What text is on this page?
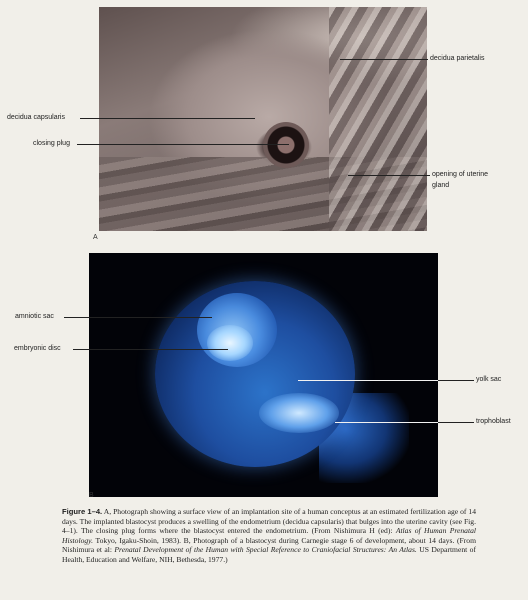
A
decidua parietalis
decidua capsularis
closing plug
opening of uterine
gland
B
amniotic sac
embryonic disc
yolk sac
trophoblast
Figure 1–4. A, Photograph showing a surface view of an implantation site of a human conceptus at an estimated fertilization age of 14 days. The implanted blastocyst produces a swelling of the endometrium (decidua capsularis) that bulges into the uterine cavity (see Fig. 4–1). The closing plug forms where the blastocyst entered the endometrium. (From Nishimura H (ed): Atlas of Human Prenatal Histology. Tokyo, Igaku-Shoin, 1983). B, Photograph of a blastocyst during Carnegie stage 6 of development, about 14 days. (From Nishimura et al: Prenatal Development of the Human with Special Reference to Craniofacial Structures: An Atlas. US Department of Health, Education and Welfare, NIH, Bethesda, 1977.)
